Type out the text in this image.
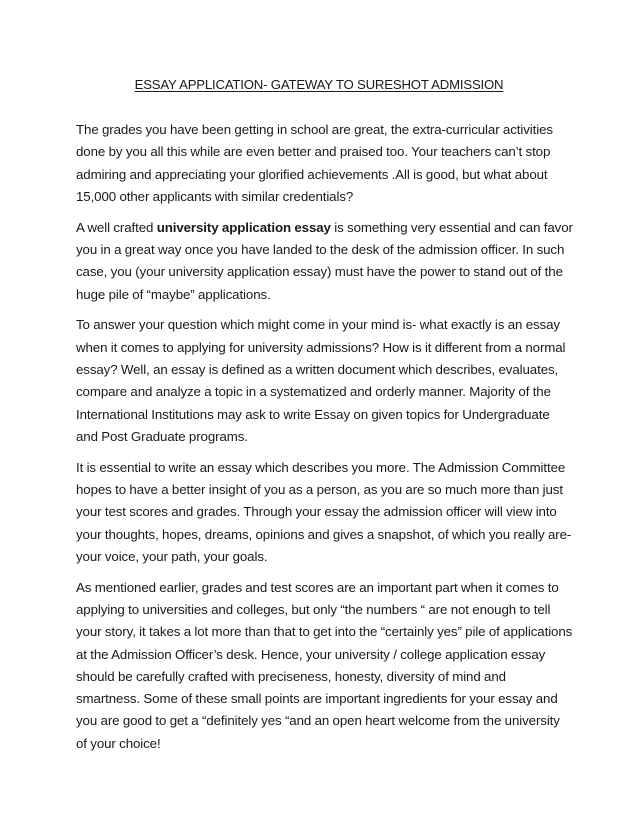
ESSAY APPLICATION- GATEWAY TO SURESHOT ADMISSION

The grades you have been getting in school are great, the extra-curricular activities done by you all this while are even better and praised too. Your teachers can’t stop admiring and appreciating your glorified achievements .All is good, but what about 15,000 other applicants with similar credentials?

A well crafted university application essay is something very essential and can favor you in a great way once you have landed to the desk of the admission officer. In such case, you (your university application essay) must have the power to stand out of the huge pile of “maybe” applications.

To answer your question which might come in your mind is- what exactly is an essay when it comes to applying for university admissions? How is it different from a normal essay? Well, an essay is defined as a written document which describes, evaluates, compare and analyze a topic in a systematized and orderly manner. Majority of the International Institutions may ask to write Essay on given topics for Undergraduate and Post Graduate programs.

It is essential to write an essay which describes you more. The Admission Committee hopes to have a better insight of you as a person, as you are so much more than just your test scores and grades. Through your essay the admission officer will view into your thoughts, hopes, dreams, opinions and gives a snapshot, of which you really are- your voice, your path, your goals.

As mentioned earlier, grades and test scores are an important part when it comes to applying to universities and colleges, but only “the numbers “ are not enough to tell your story, it takes a lot more than that to get into the “certainly yes” pile of applications at the Admission Officer’s desk. Hence, your university / college application essay should be carefully crafted with preciseness, honesty, diversity of mind and smartness. Some of these small points are important ingredients for your essay and you are good to get a “definitely yes “and an open heart welcome from the university of your choice!
